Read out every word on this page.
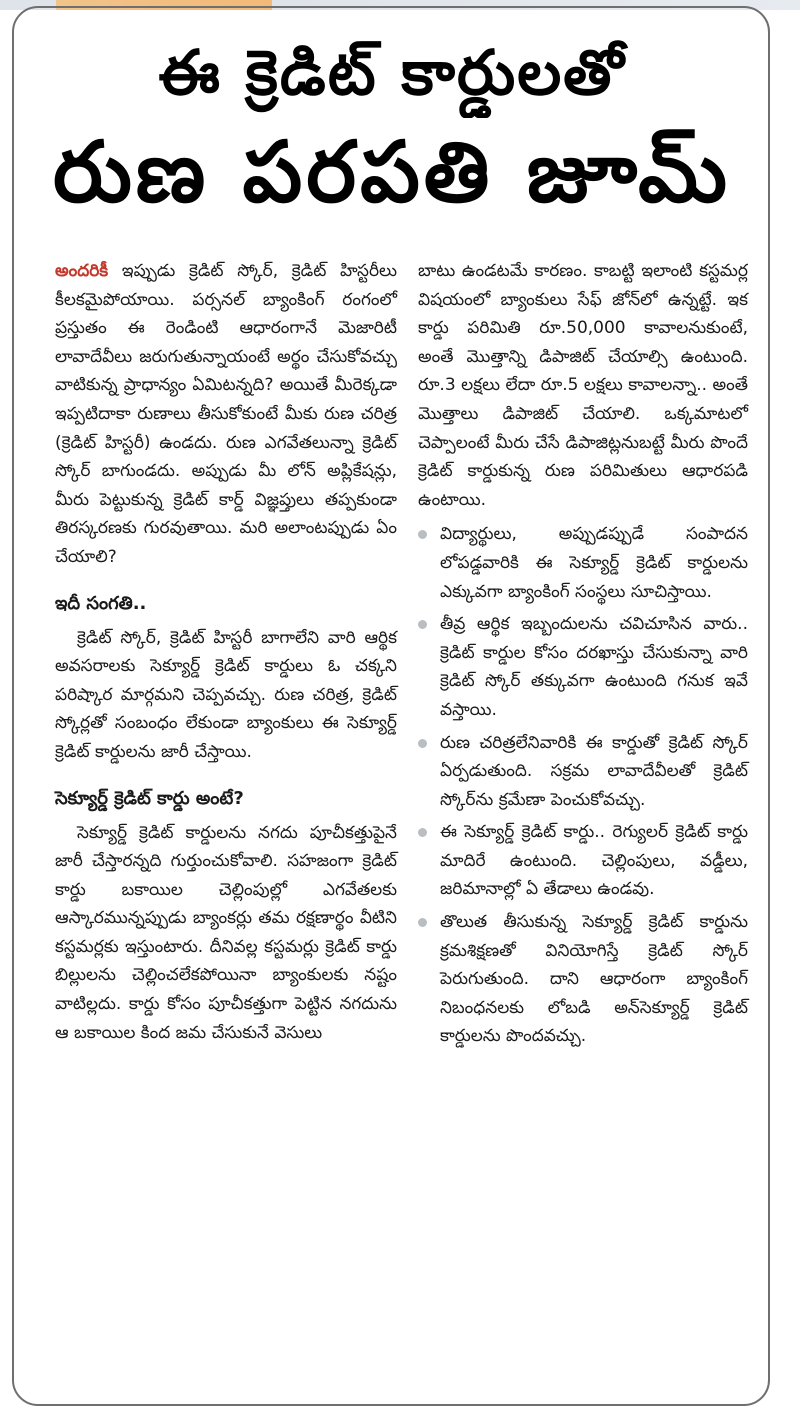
ఈ క్రెడిట్ కార్డులతో
రుణ పరపతి జూమ్

అందరికీ ఇప్పుడు క్రెడిట్ స్కోర్, క్రెడిట్ హిస్టరీలు కీలకమైపోయాయి. పర్సనల్ బ్యాంకింగ్ రంగంలో ప్రస్తుతం ఈ రెండింటి ఆధారంగానే మెజారిటీ లావాదేవీలు జరుగుతున్నాయంటే అర్థం చేసుకోవచ్చు వాటికున్న ప్రాధాన్యం ఏమిటన్నది? అయితే మీరెక్కడా ఇప్పటిదాకా రుణాలు తీసుకోకుంటే మీకు రుణ చరిత్ర (క్రెడిట్ హిస్టరీ) ఉండదు. రుణ ఎగవేతలున్నా క్రెడిట్ స్కోర్ బాగుండదు. అప్పుడు మీ లోన్ అప్లికేషన్లు, మీరు పెట్టుకున్న క్రెడిట్ కార్డ్ విజ్ఞప్తులు తప్పకుండా తిరస్కరణకు గురవుతాయి. మరి అలాంటప్పుడు ఏం చేయాలి?

ఇదీ సంగతి..

క్రెడిట్ స్కోర్, క్రెడిట్ హిస్టరీ బాగాలేని వారి ఆర్థిక అవసరాలకు సెక్యూర్డ్ క్రెడిట్ కార్డులు ఓ చక్కని పరిష్కార మార్గమని చెప్పవచ్చు. రుణ చరిత్ర, క్రెడిట్ స్కోర్లతో సంబంధం లేకుండా బ్యాంకులు ఈ సెక్యూర్డ్ క్రెడిట్ కార్డులను జారీ చేస్తాయి.

సెక్యూర్డ్ క్రెడిట్ కార్డు అంటే?

సెక్యూర్డ్ క్రెడిట్ కార్డులను నగదు పూచీకత్తుపైనే జారీ చేస్తారన్నది గుర్తుంచుకోవాలి. సహజంగా క్రెడిట్ కార్డు బకాయిల చెల్లింపుల్లో ఎగవేతలకు ఆస్కారమున్నప్పుడు బ్యాంకర్లు తమ రక్షణార్థం వీటిని కస్టమర్లకు ఇస్తుంటారు. దీనివల్ల కస్టమర్లు క్రెడిట్ కార్డు బిల్లులను చెల్లించలేకపోయినా బ్యాంకులకు నష్టం వాటిల్లదు. కార్డు కోసం పూచీకత్తుగా పెట్టిన నగదును ఆ బకాయిల కింద జమ చేసుకునే వెసులు

బాటు ఉండటమే కారణం. కాబట్టి ఇలాంటి కస్టమర్ల విషయంలో బ్యాంకులు సేఫ్ జోన్‌లో ఉన్నట్టే. ఇక కార్డు పరిమితి రూ.50,000 కావాలనుకుంటే, అంతే మొత్తాన్ని డిపాజిట్ చేయాల్సి ఉంటుంది. రూ.3 లక్షలు లేదా రూ.5 లక్షలు కావాలన్నా.. అంతే మొత్తాలు డిపాజిట్ చేయాలి. ఒక్కమాటలో చెప్పాలంటే మీరు చేసే డిపాజిట్లనుబట్టే మీరు పొందే క్రెడిట్ కార్డుకున్న రుణ పరిమితులు ఆధారపడి ఉంటాయి.

విద్యార్థులు, అప్పుడప్పుడే సంపాదన లోపడ్డవారికి ఈ సెక్యూర్డ్ క్రెడిట్ కార్డులను ఎక్కువగా బ్యాంకింగ్ సంస్థలు సూచిస్తాయి.
తీవ్ర ఆర్థిక ఇబ్బందులను చవిచూసిన వారు.. క్రెడిట్ కార్డుల కోసం దరఖాస్తు చేసుకున్నా వారి క్రెడిట్ స్కోర్ తక్కువగా ఉంటుంది గనుక ఇవే వస్తాయి.
రుణ చరిత్రలేనివారికి ఈ కార్డుతో క్రెడిట్ స్కోర్ ఏర్పడుతుంది. సక్రమ లావాదేవీలతో క్రెడిట్ స్కోర్‌ను క్రమేణా పెంచుకోవచ్చు.
ఈ సెక్యూర్డ్ క్రెడిట్ కార్డు.. రెగ్యులర్ క్రెడిట్ కార్డు మాదిరే ఉంటుంది. చెల్లింపులు, వడ్డీలు, జరిమానాల్లో ఏ తేడాలు ఉండవు.
తొలుత తీసుకున్న సెక్యూర్డ్ క్రెడిట్ కార్డును క్రమశిక్షణతో వినియోగిస్తే క్రెడిట్ స్కోర్ పెరుగుతుంది. దాని ఆధారంగా బ్యాంకింగ్ నిబంధనలకు లోబడి అన్‌సెక్యూర్డ్ క్రెడిట్ కార్డులను పొందవచ్చు.
